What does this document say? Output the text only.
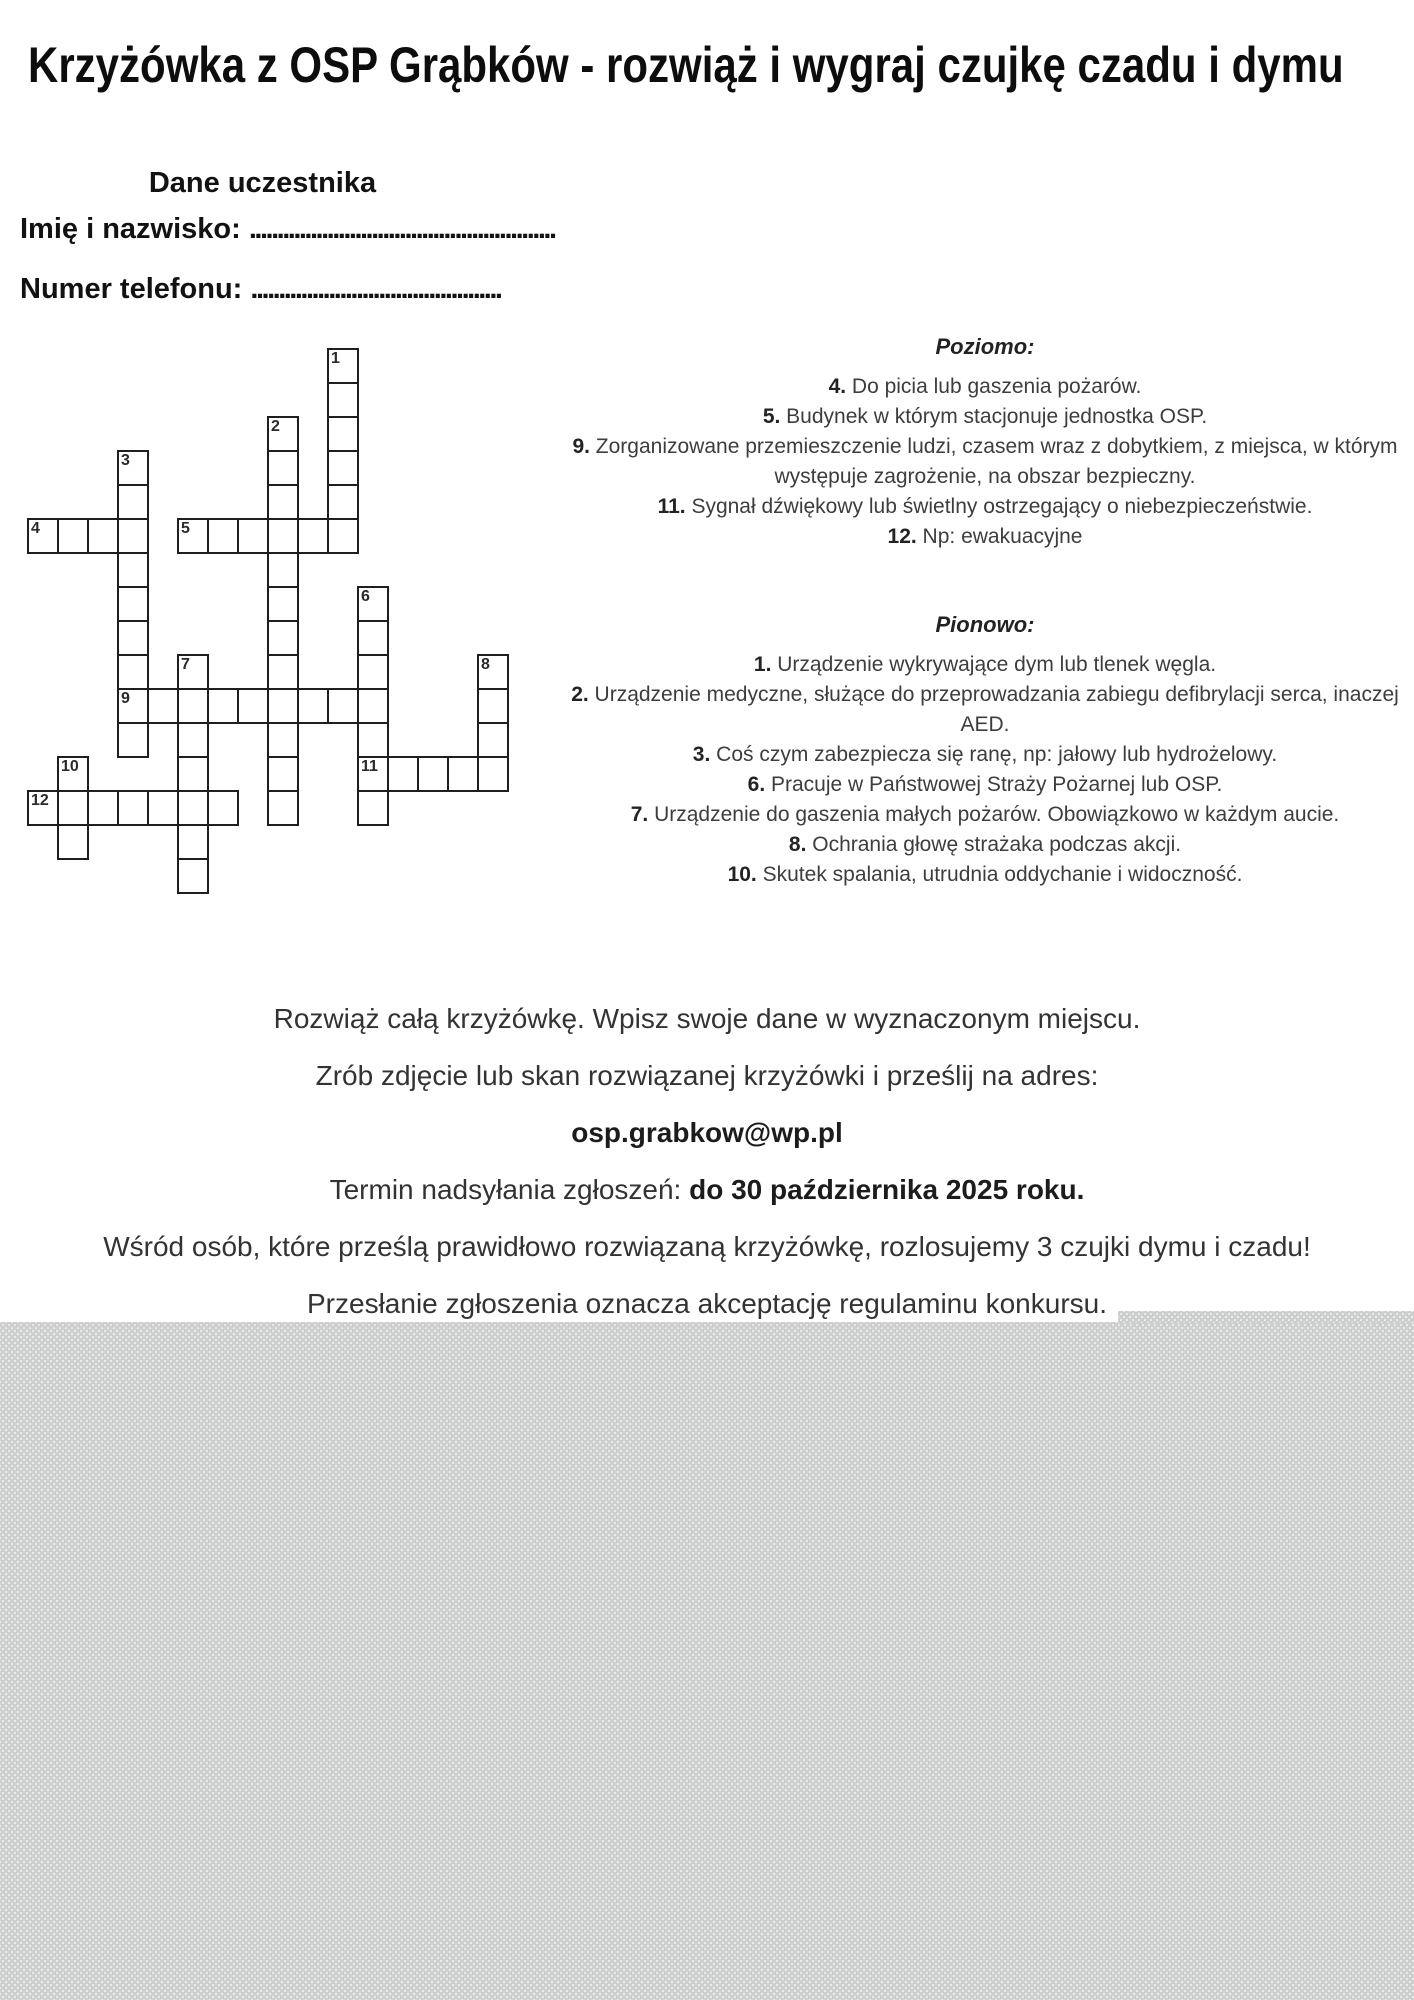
Krzyżówka z OSP Grąbków - rozwiąż i wygraj czujkę czadu i dymu
Dane uczestnika
Imię i nazwisko: .......................................................
Numer telefonu: .............................................
1
2
3
9
4	5
6
11
7	8
10
12
Poziomo:
4. Do picia lub gaszenia pożarów.
5. Budynek w którym stacjonuje jednostka OSP.
9. Zorganizowane przemieszczenie ludzi, czasem wraz z dobytkiem, z miejsca, w którym występuje zagrożenie, na obszar bezpieczny.
11. Sygnał dźwiękowy lub świetlny ostrzegający o niebezpieczeństwie.
12. Np: ewakuacyjne
Pionowo:
1. Urządzenie wykrywające dym lub tlenek węgla.
2. Urządzenie medyczne, służące do przeprowadzania zabiegu defibrylacji serca, inaczej AED.
3. Coś czym zabezpiecza się ranę, np: jałowy lub hydrożelowy.
6. Pracuje w Państwowej Straży Pożarnej lub OSP.
7. Urządzenie do gaszenia małych pożarów. Obowiązkowo w każdym aucie.
8. Ochrania głowę strażaka podczas akcji.
10. Skutek spalania, utrudnia oddychanie i widoczność.
Rozwiąż całą krzyżówkę. Wpisz swoje dane w wyznaczonym miejscu.
Zrób zdjęcie lub skan rozwiązanej krzyżówki i prześlij na adres:
osp.grabkow@wp.pl
Termin nadsyłania zgłoszeń: do 30 października 2025 roku.
Wśród osób, które prześlą prawidłowo rozwiązaną krzyżówkę, rozlosujemy 3 czujki dymu i czadu!
Przesłanie zgłoszenia oznacza akceptację regulaminu konkursu.
